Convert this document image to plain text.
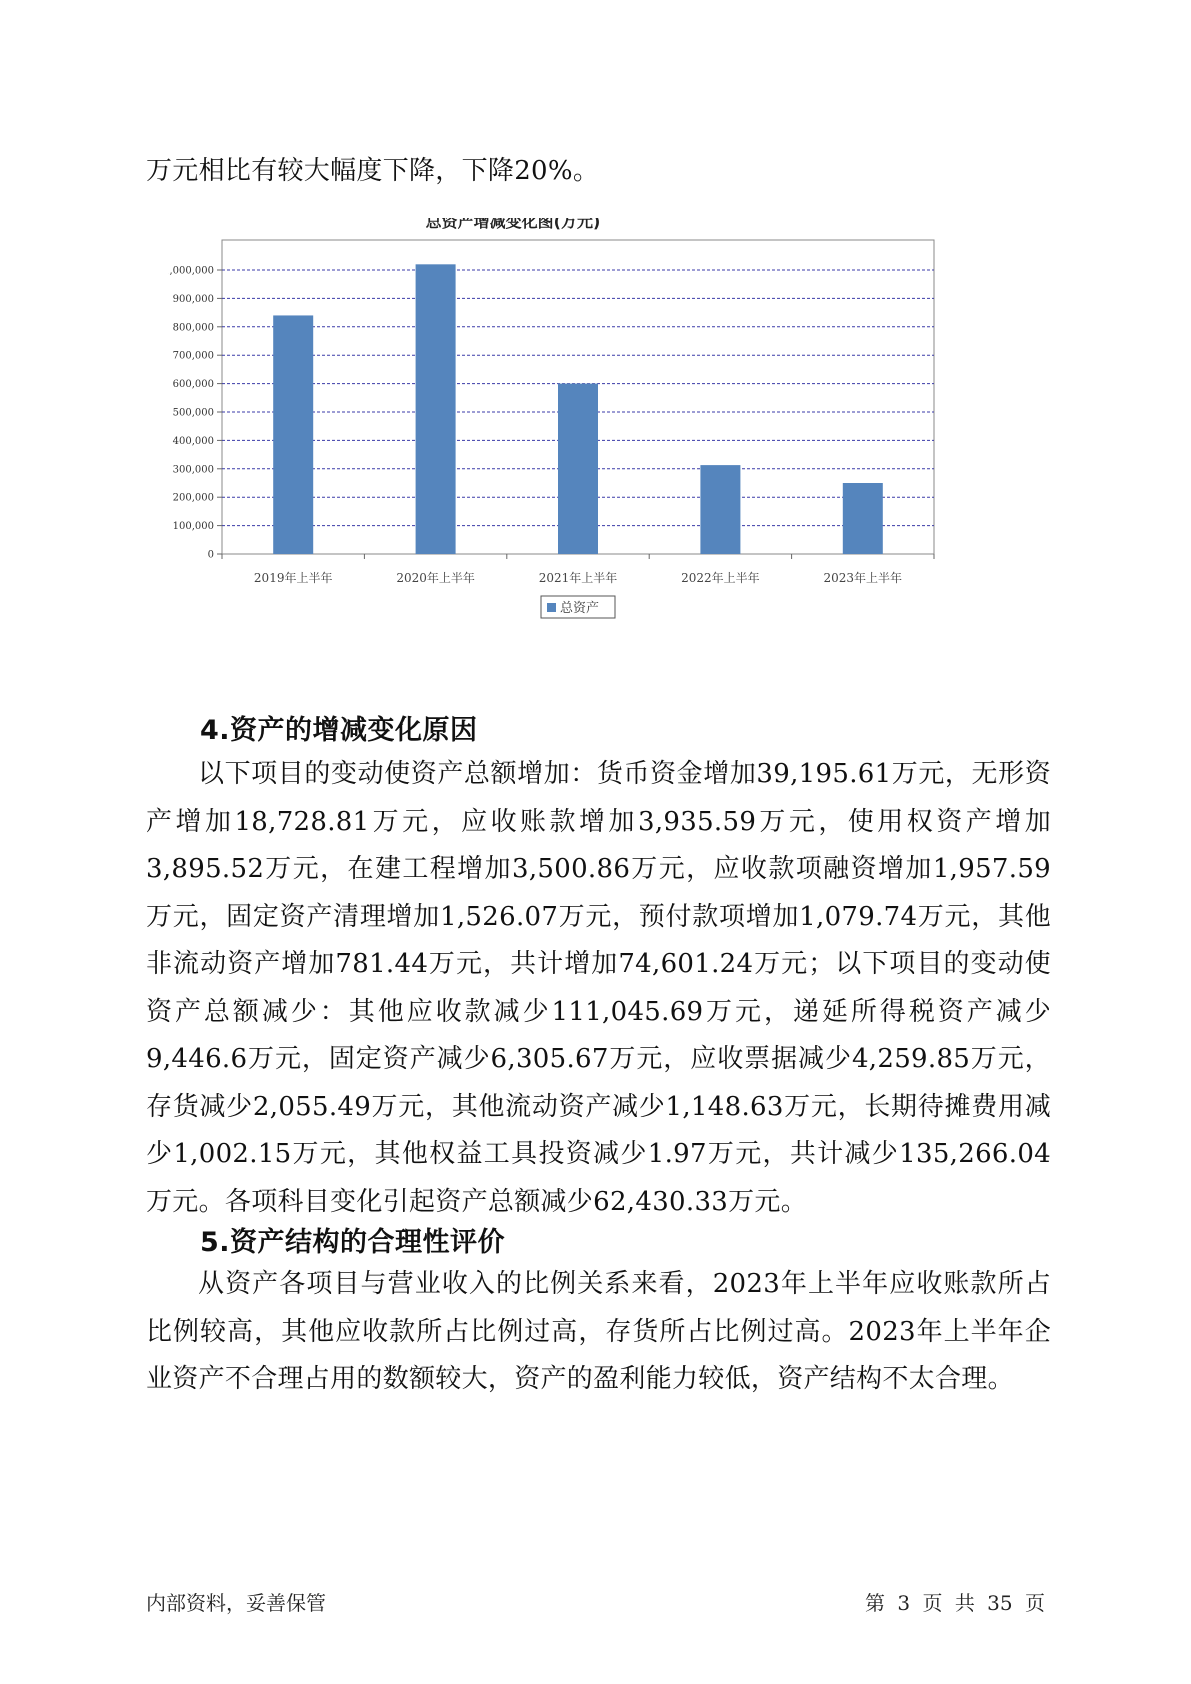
万元相比有较大幅度下降，下降20%。

总资产增减变化图(万元)
0
100,000
200,000
300,000
400,000
500,000
600,000
700,000
800,000
900,000
1,000,000
2019年上半年	2020年上半年	2021年上半年	2022年上半年	2023年上半年
总资产
4.资产的增减变化原因

以下项目的变动使资产总额增加：货币资金增加39,195.61万元，无形资产增加18,728.81万元，应收账款增加3,935.59万元，使用权资产增加3,895.52万元，在建工程增加3,500.86万元，应收款项融资增加1,957.59万元，固定资产清理增加1,526.07万元，预付款项增加1,079.74万元，其他非流动资产增加781.44万元，共计增加74,601.24万元；以下项目的变动使资产总额减少：其他应收款减少111,045.69万元，递延所得税资产减少9,446.6万元，固定资产减少6,305.67万元，应收票据减少4,259.85万元，存货减少2,055.49万元，其他流动资产减少1,148.63万元，长期待摊费用减少1,002.15万元，其他权益工具投资减少1.97万元，共计减少135,266.04万元。各项科目变化引起资产总额减少62,430.33万元。

5.资产结构的合理性评价

从资产各项目与营业收入的比例关系来看，2023年上半年应收账款所占比例较高，其他应收款所占比例过高，存货所占比例过高。2023年上半年企业资产不合理占用的数额较大，资产的盈利能力较低，资产结构不太合理。

内部资料，妥善保管	第 3 页 共 35 页
